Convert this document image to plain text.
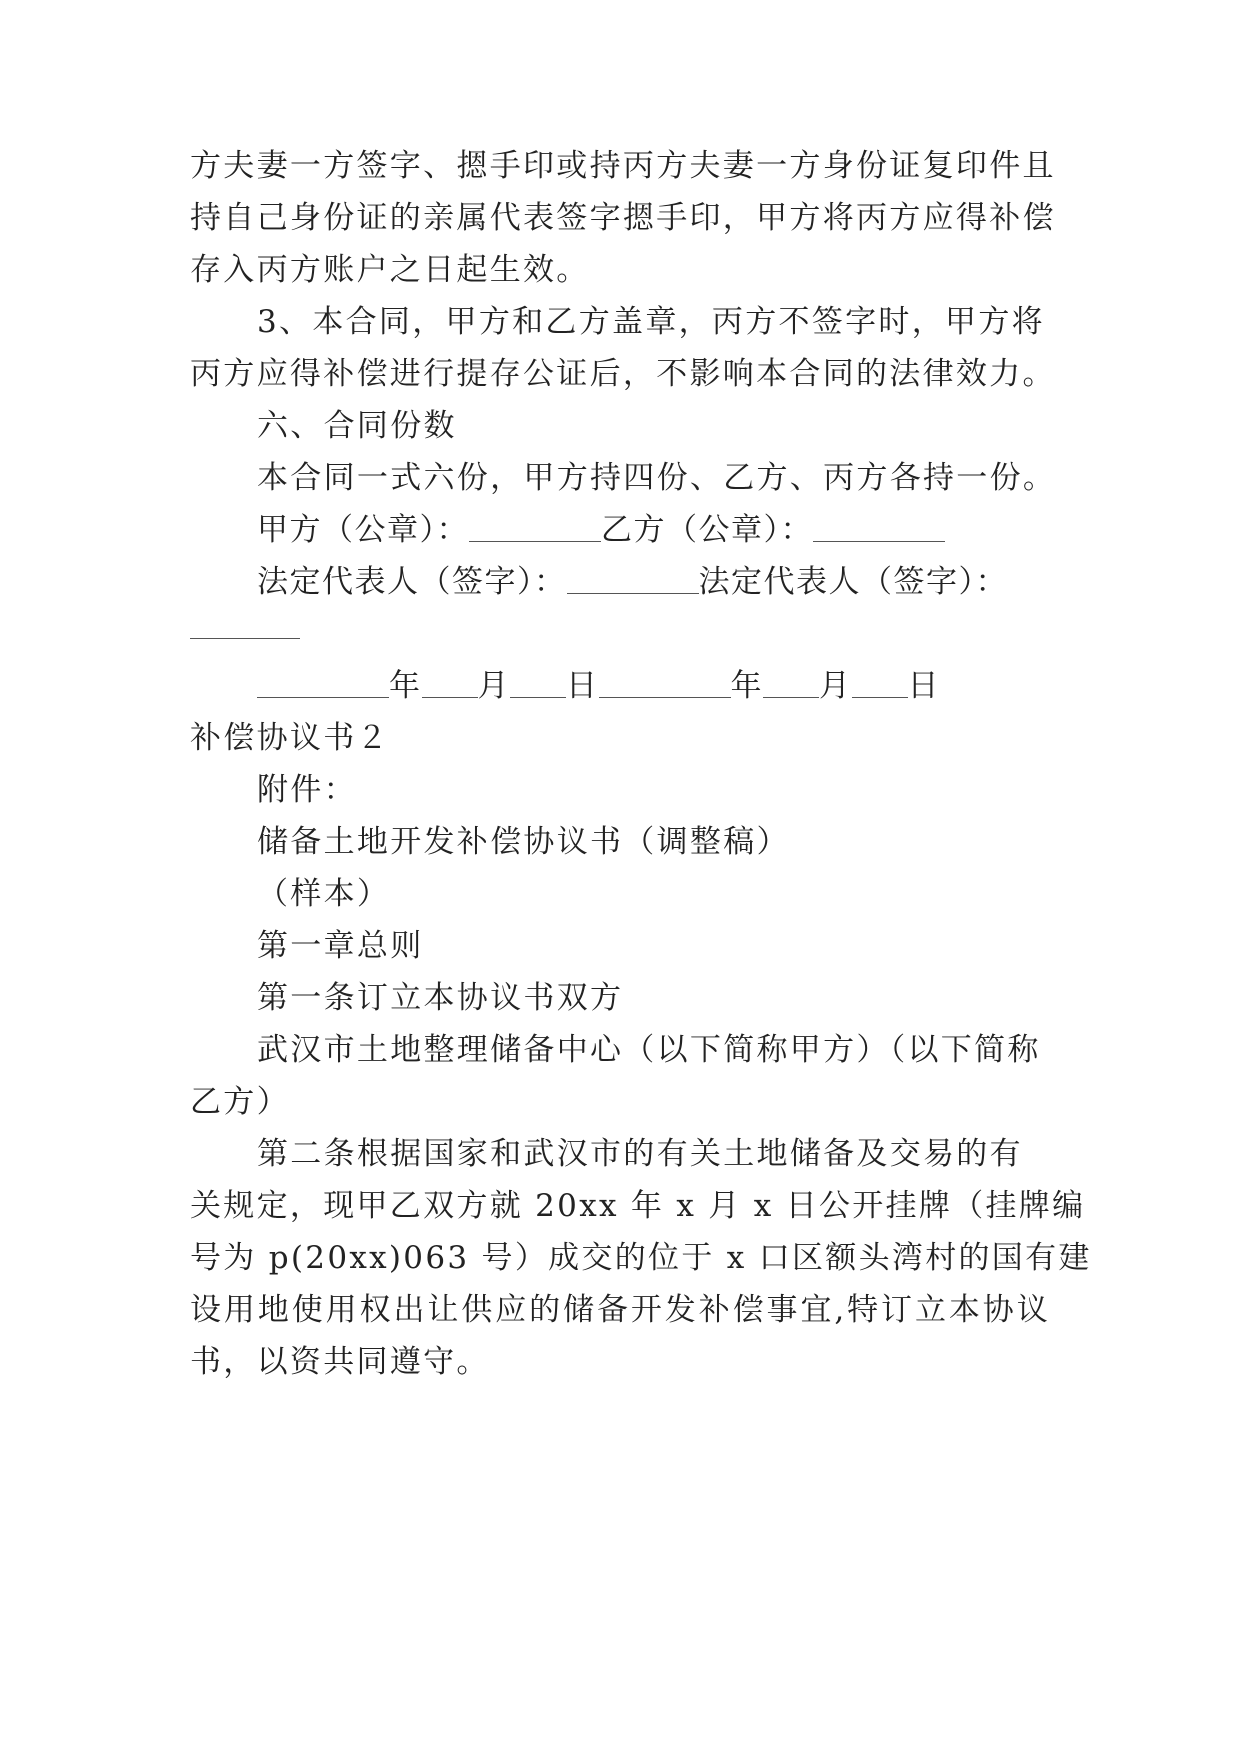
方夫妻一方签字、摁手印或持丙方夫妻一方身份证复印件且
持自己身份证的亲属代表签字摁手印，甲方将丙方应得补偿
存入丙方账户之日起生效。
3、本合同，甲方和乙方盖章，丙方不签字时，甲方将
丙方应得补偿进行提存公证后，不影响本合同的法律效力。
六、合同份数
本合同一式六份，甲方持四份、乙方、丙方各持一份。
甲方（公章）：	乙方（公章）：
法定代表人（签字）：	法定代表人（签字）：
年 月 日	年 月 日
补偿协议书２
附件：
储备土地开发补偿协议书（调整稿）
（样本）
第一章总则
第一条订立本协议书双方
武汉市土地整理储备中心（以下简称甲方）（以下简称
乙方）
第二条根据国家和武汉市的有关土地储备及交易的有
关规定，现甲乙双方就 20xx 年 x 月 x 日公开挂牌（挂牌编
号为 p(20xx)063 号）成交的位于 x 口区额头湾村的国有建
设用地使用权出让供应的储备开发补偿事宜,特订立本协议
书，以资共同遵守。
